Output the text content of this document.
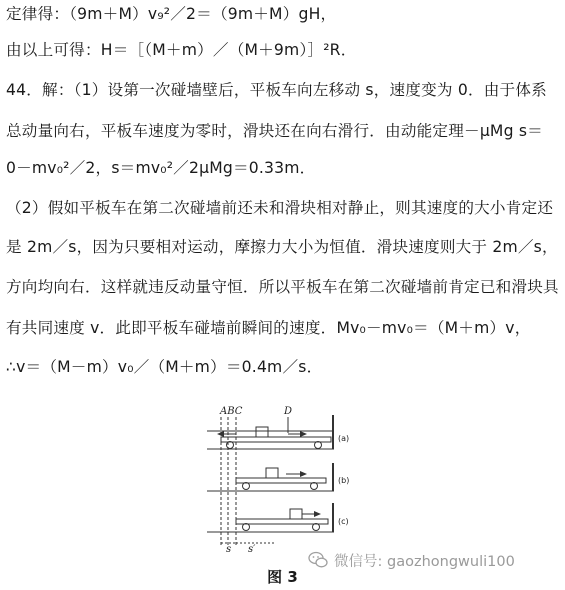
定律得：（9m＋M）v₉²／2＝（9m＋M）gH，
由以上可得：H＝［（M＋m）／（M＋9m）］²R．
44．解：（1）设第一次碰墙壁后，平板车向左移动 s，速度变为 0．由于体系
总动量向右，平板车速度为零时，滑块还在向右滑行．由动能定理－μMg s＝
0－mv₀²／2，s＝mv₀²／2μMg＝0.33m．
（2）假如平板车在第二次碰墙前还未和滑块相对静止，则其速度的大小肯定还
是 2m／s，因为只要相对运动，摩擦力大小为恒值．滑块速度则大于 2m／s，
方向均向右．这样就违反动量守恒．所以平板车在第二次碰墙前肯定已和滑块具
有共同速度 v．此即平板车碰墙前瞬间的速度．Mv₀－mv₀＝（M＋m）v，
∴v＝（M－m）v₀／（M＋m）＝0.4m／s．
ABC	D
s s′
(a)
(b)
(c)
微信号: gaozhongwuli100
图 3
